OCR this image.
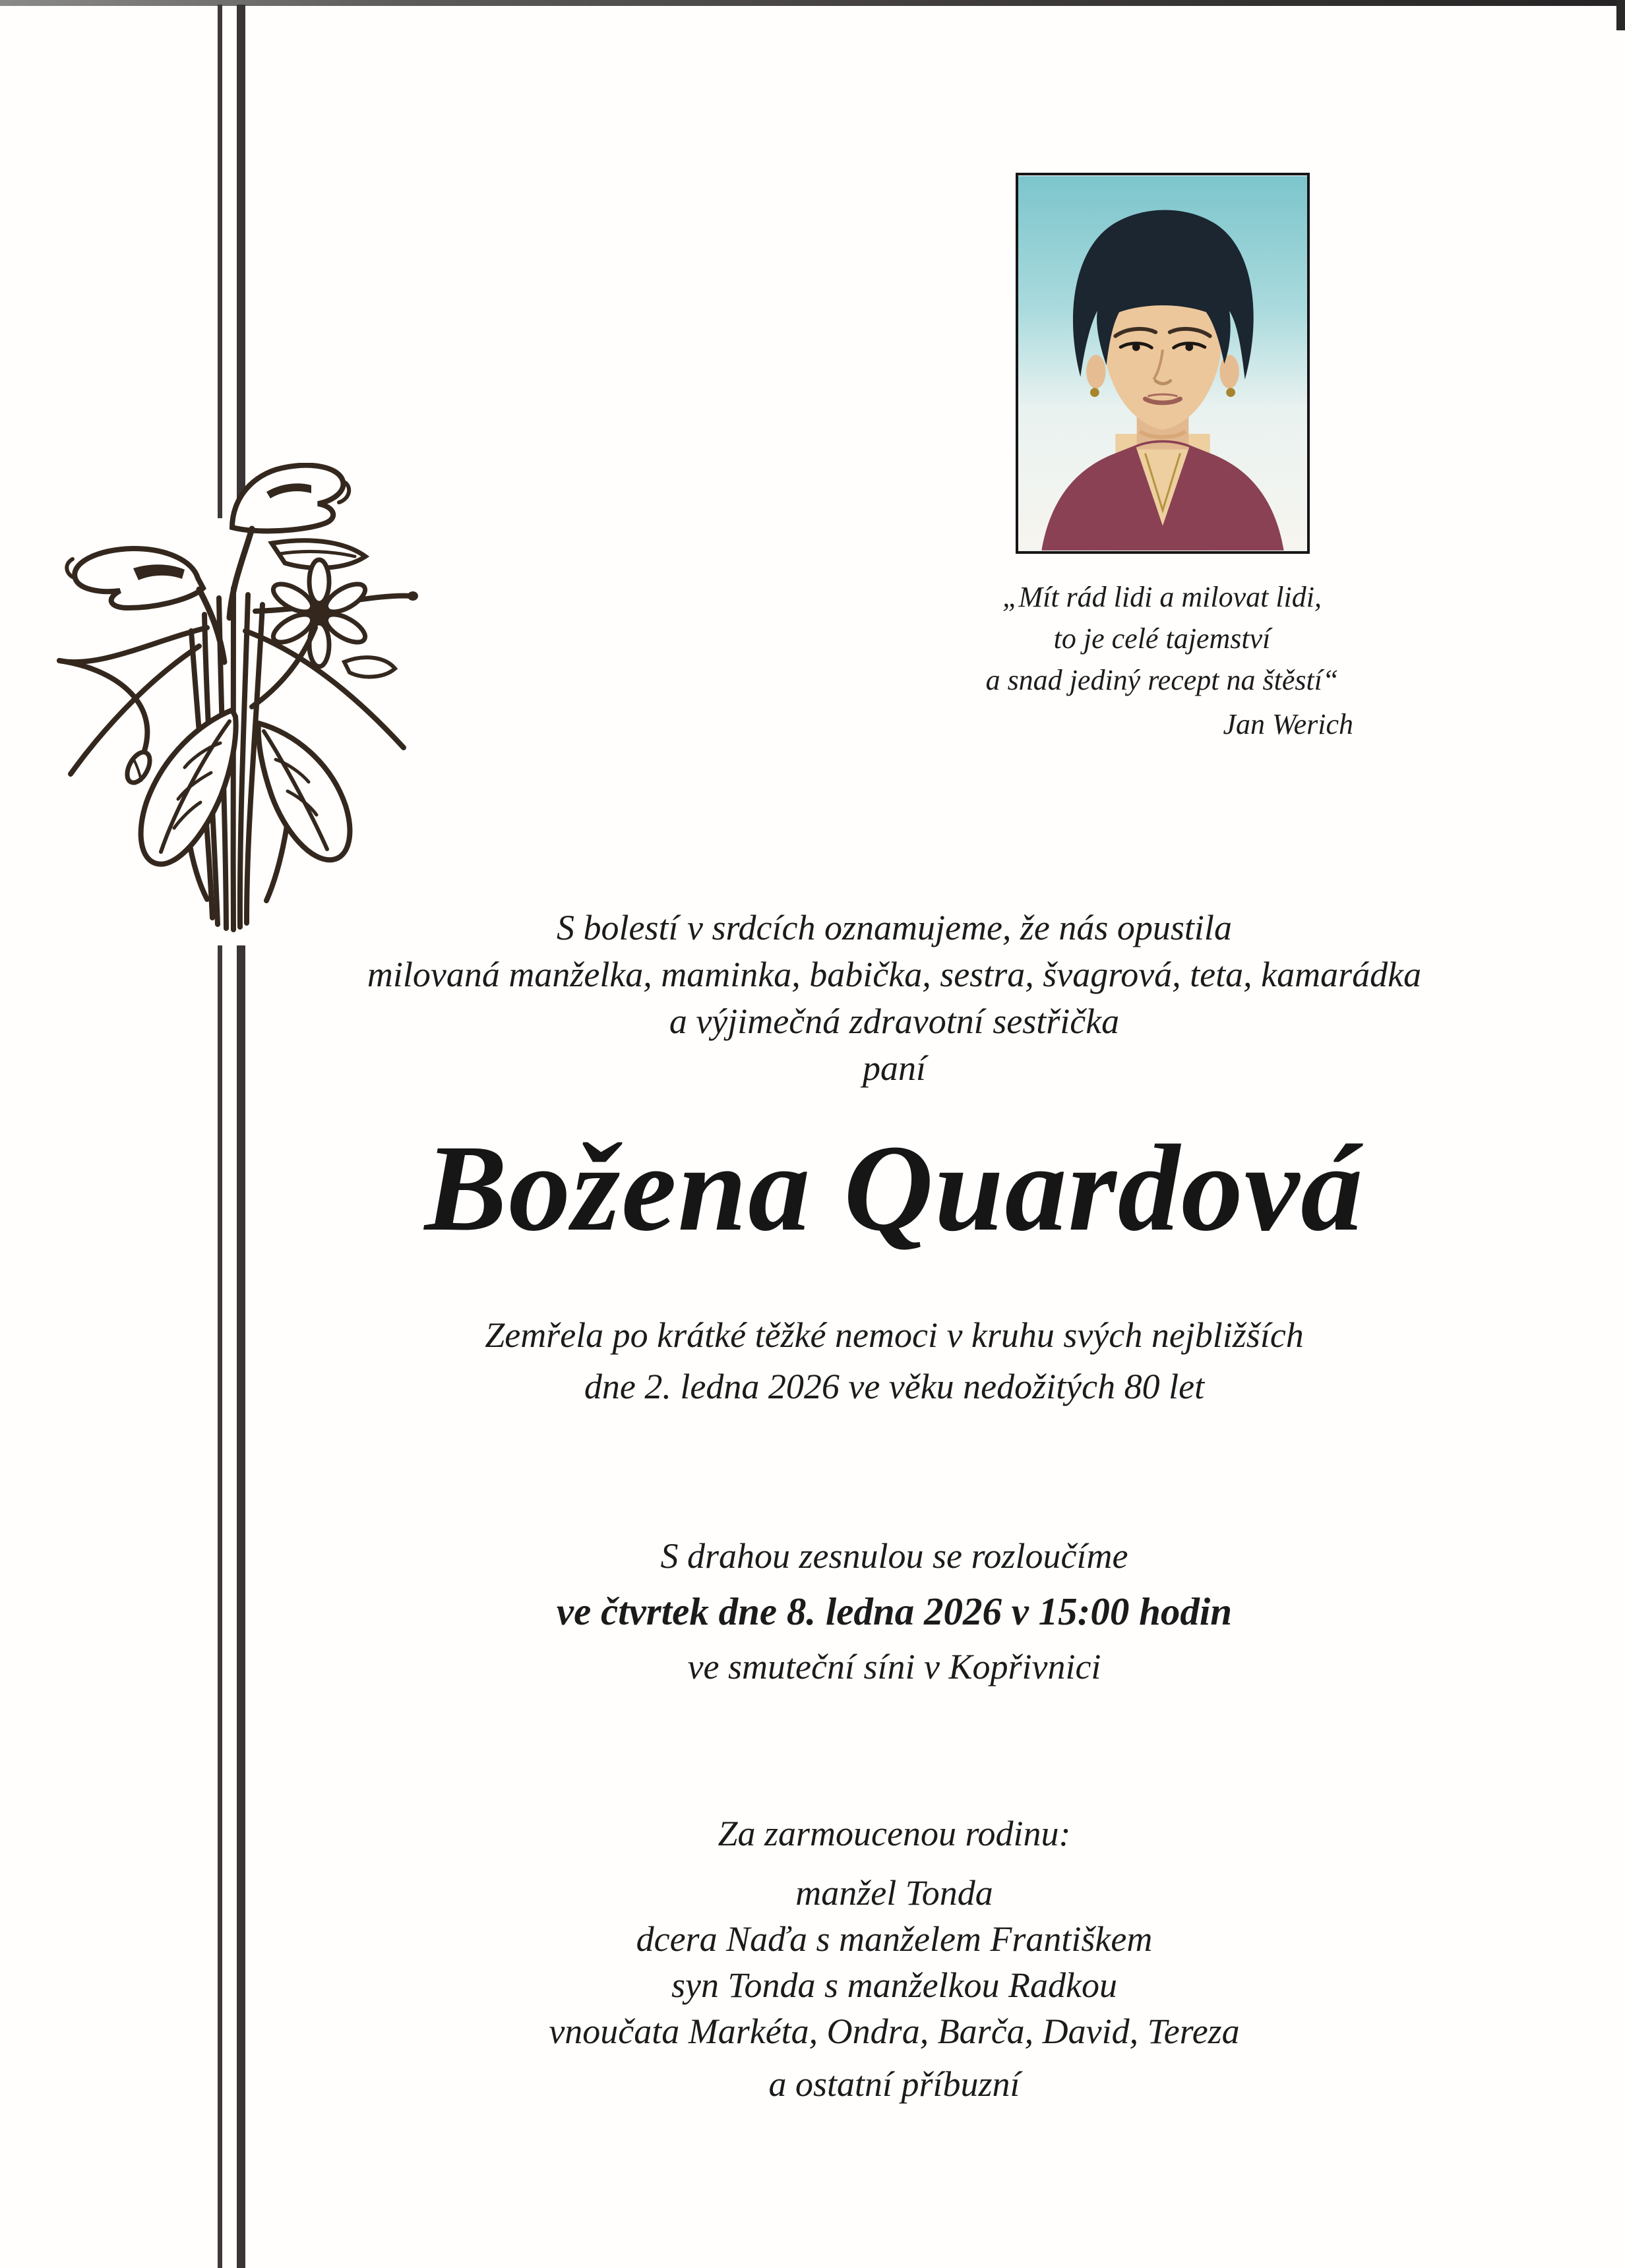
„Mít rád lidi a milovat lidi,
to je celé tajemství
a snad jediný recept na štěstí“
Jan Werich
S bolestí v srdcích oznamujeme, že nás opustila
milovaná manželka, maminka, babička, sestra, švagrová, teta, kamarádka
a výjimečná zdravotní sestřička
paní
Božena Quardová
Zemřela po krátké těžké nemoci v kruhu svých nejbližších
dne 2. ledna 2026 ve věku nedožitých 80 let
S drahou zesnulou se rozloučíme
ve čtvrtek dne 8. ledna 2026 v 15:00 hodin
ve smuteční síni v Kopřivnici
Za zarmoucenou rodinu:
manžel Tonda
dcera Naďa s manželem Františkem
syn Tonda s manželkou Radkou
vnoučata Markéta, Ondra, Barča, David, Tereza
a ostatní příbuzní
